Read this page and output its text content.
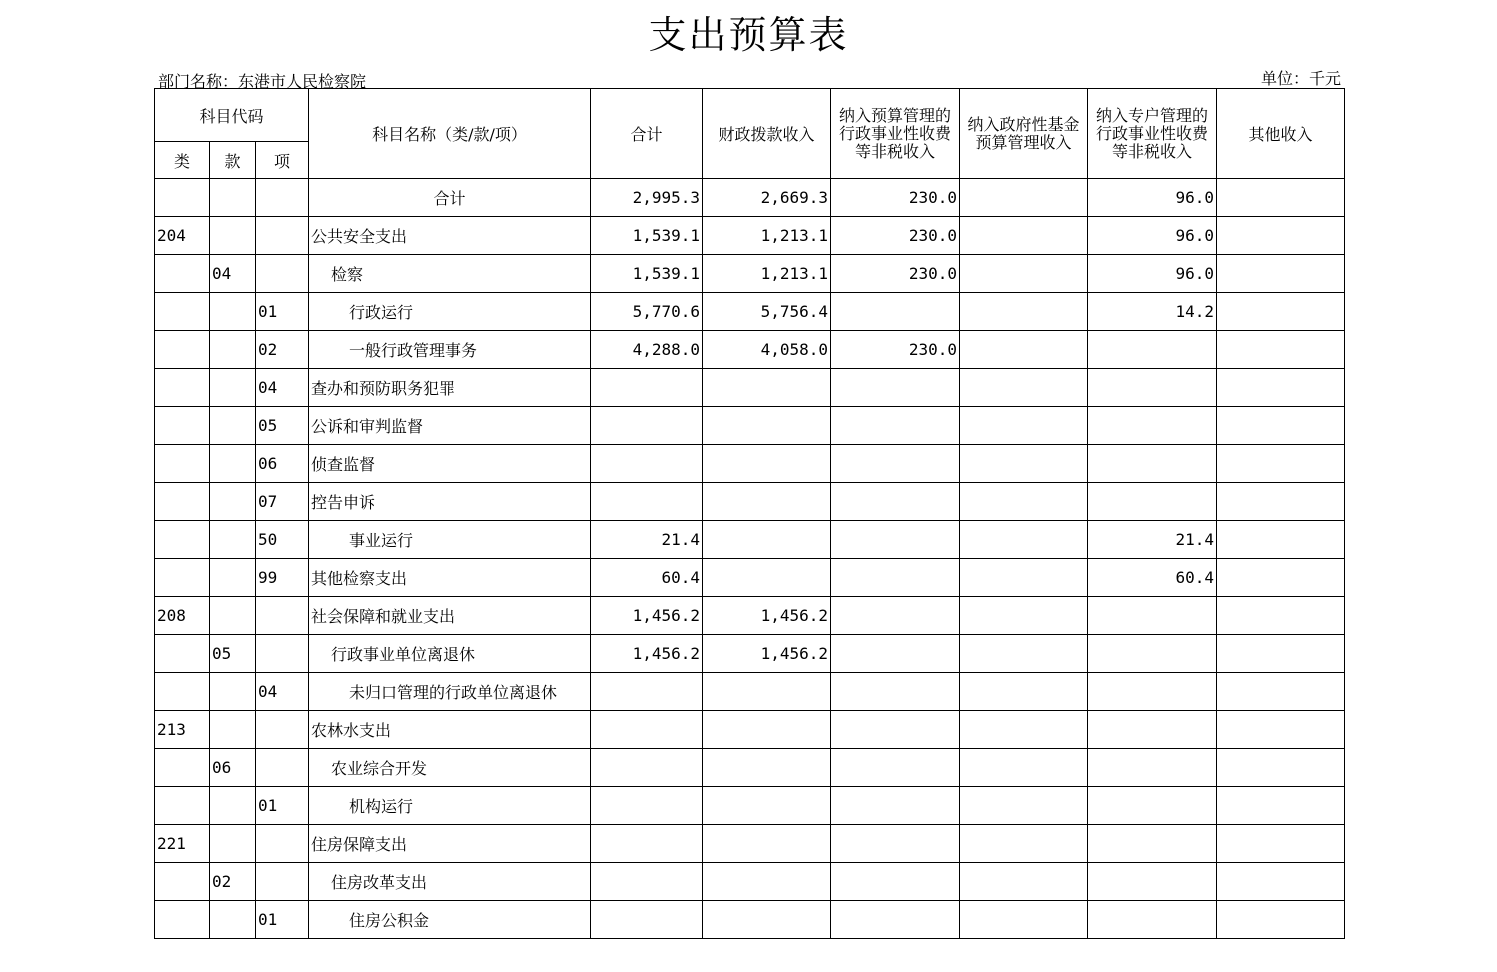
支出预算表
部门名称：东港市人民检察院	单位：千元
科目代码			科目名称（类/款/项）	合计	财政拨款收入	纳入预算管理的行政事业性收费等非税收入	纳入政府性基金预算管理收入	纳入专户管理的行政事业性收费等非税收入	其他收入
类	款	项							
			合计	2,995.3	2,669.3	230.0		96.0	
204			公共安全支出	1,539.1	1,213.1	230.0		96.0	
	04		检察	1,539.1	1,213.1	230.0		96.0	
		01	行政运行	5,770.6	5,756.4			14.2	
		02	一般行政管理事务	4,288.0	4,058.0	230.0			
		04	查办和预防职务犯罪						
		05	公诉和审判监督						
		06	侦查监督						
		07	控告申诉						
		50	事业运行	21.4				21.4	
		99	其他检察支出	60.4				60.4	
208			社会保障和就业支出	1,456.2	1,456.2				
	05		行政事业单位离退休	1,456.2	1,456.2				
		04	未归口管理的行政单位离退休						
213			农林水支出						
	06		农业综合开发						
		01	机构运行						
221			住房保障支出						
	02		住房改革支出						
		01	住房公积金						
